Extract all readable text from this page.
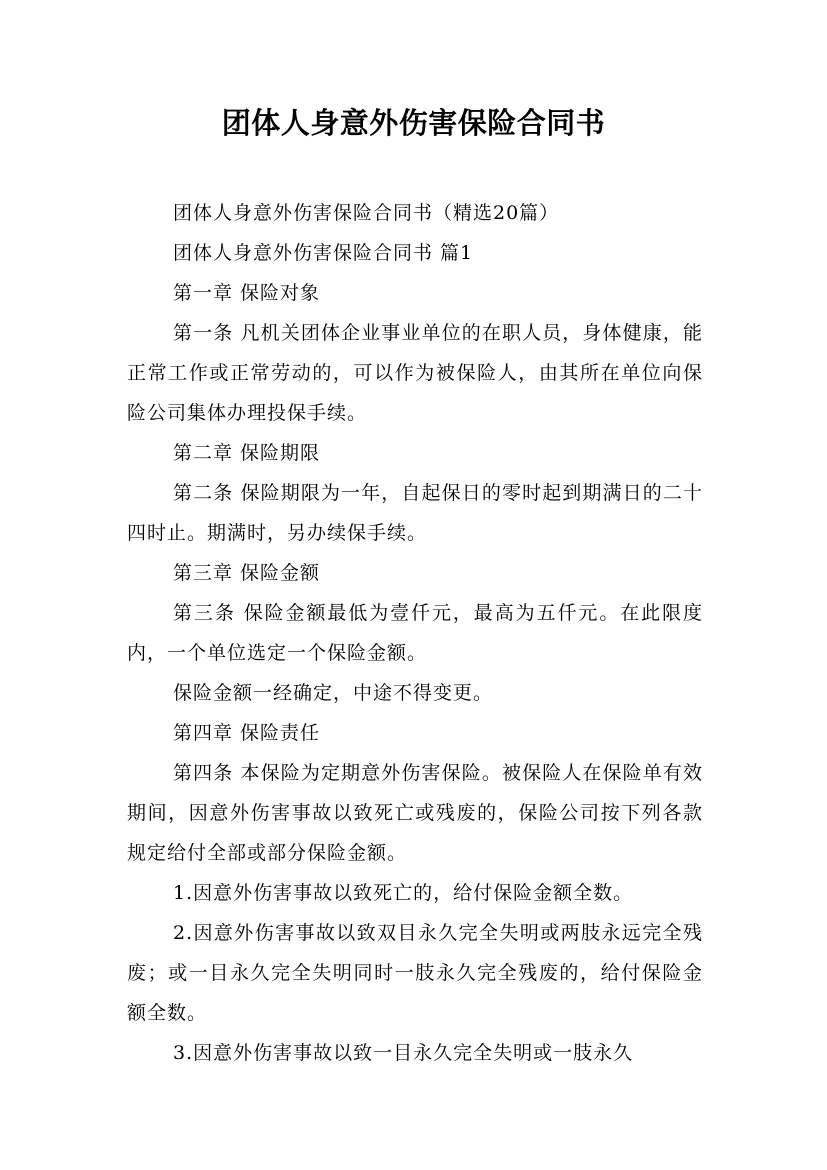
团体人身意外伤害保险合同书

团体人身意外伤害保险合同书（精选20篇）

团体人身意外伤害保险合同书 篇1

第一章 保险对象

第一条 凡机关团体企业事业单位的在职人员，身体健康，能正常工作或正常劳动的，可以作为被保险人，由其所在单位向保险公司集体办理投保手续。

第二章 保险期限

第二条 保险期限为一年，自起保日的零时起到期满日的二十四时止。期满时，另办续保手续。

第三章 保险金额

第三条 保险金额最低为壹仟元，最高为五仟元。在此限度内，一个单位选定一个保险金额。

保险金额一经确定，中途不得变更。

第四章 保险责任

第四条 本保险为定期意外伤害保险。被保险人在保险单有效期间，因意外伤害事故以致死亡或残废的，保险公司按下列各款规定给付全部或部分保险金额。

1.因意外伤害事故以致死亡的，给付保险金额全数。

2.因意外伤害事故以致双目永久完全失明或两肢永远完全残废；或一目永久完全失明同时一肢永久完全残废的，给付保险金额全数。

3.因意外伤害事故以致一目永久完全失明或一肢永久
